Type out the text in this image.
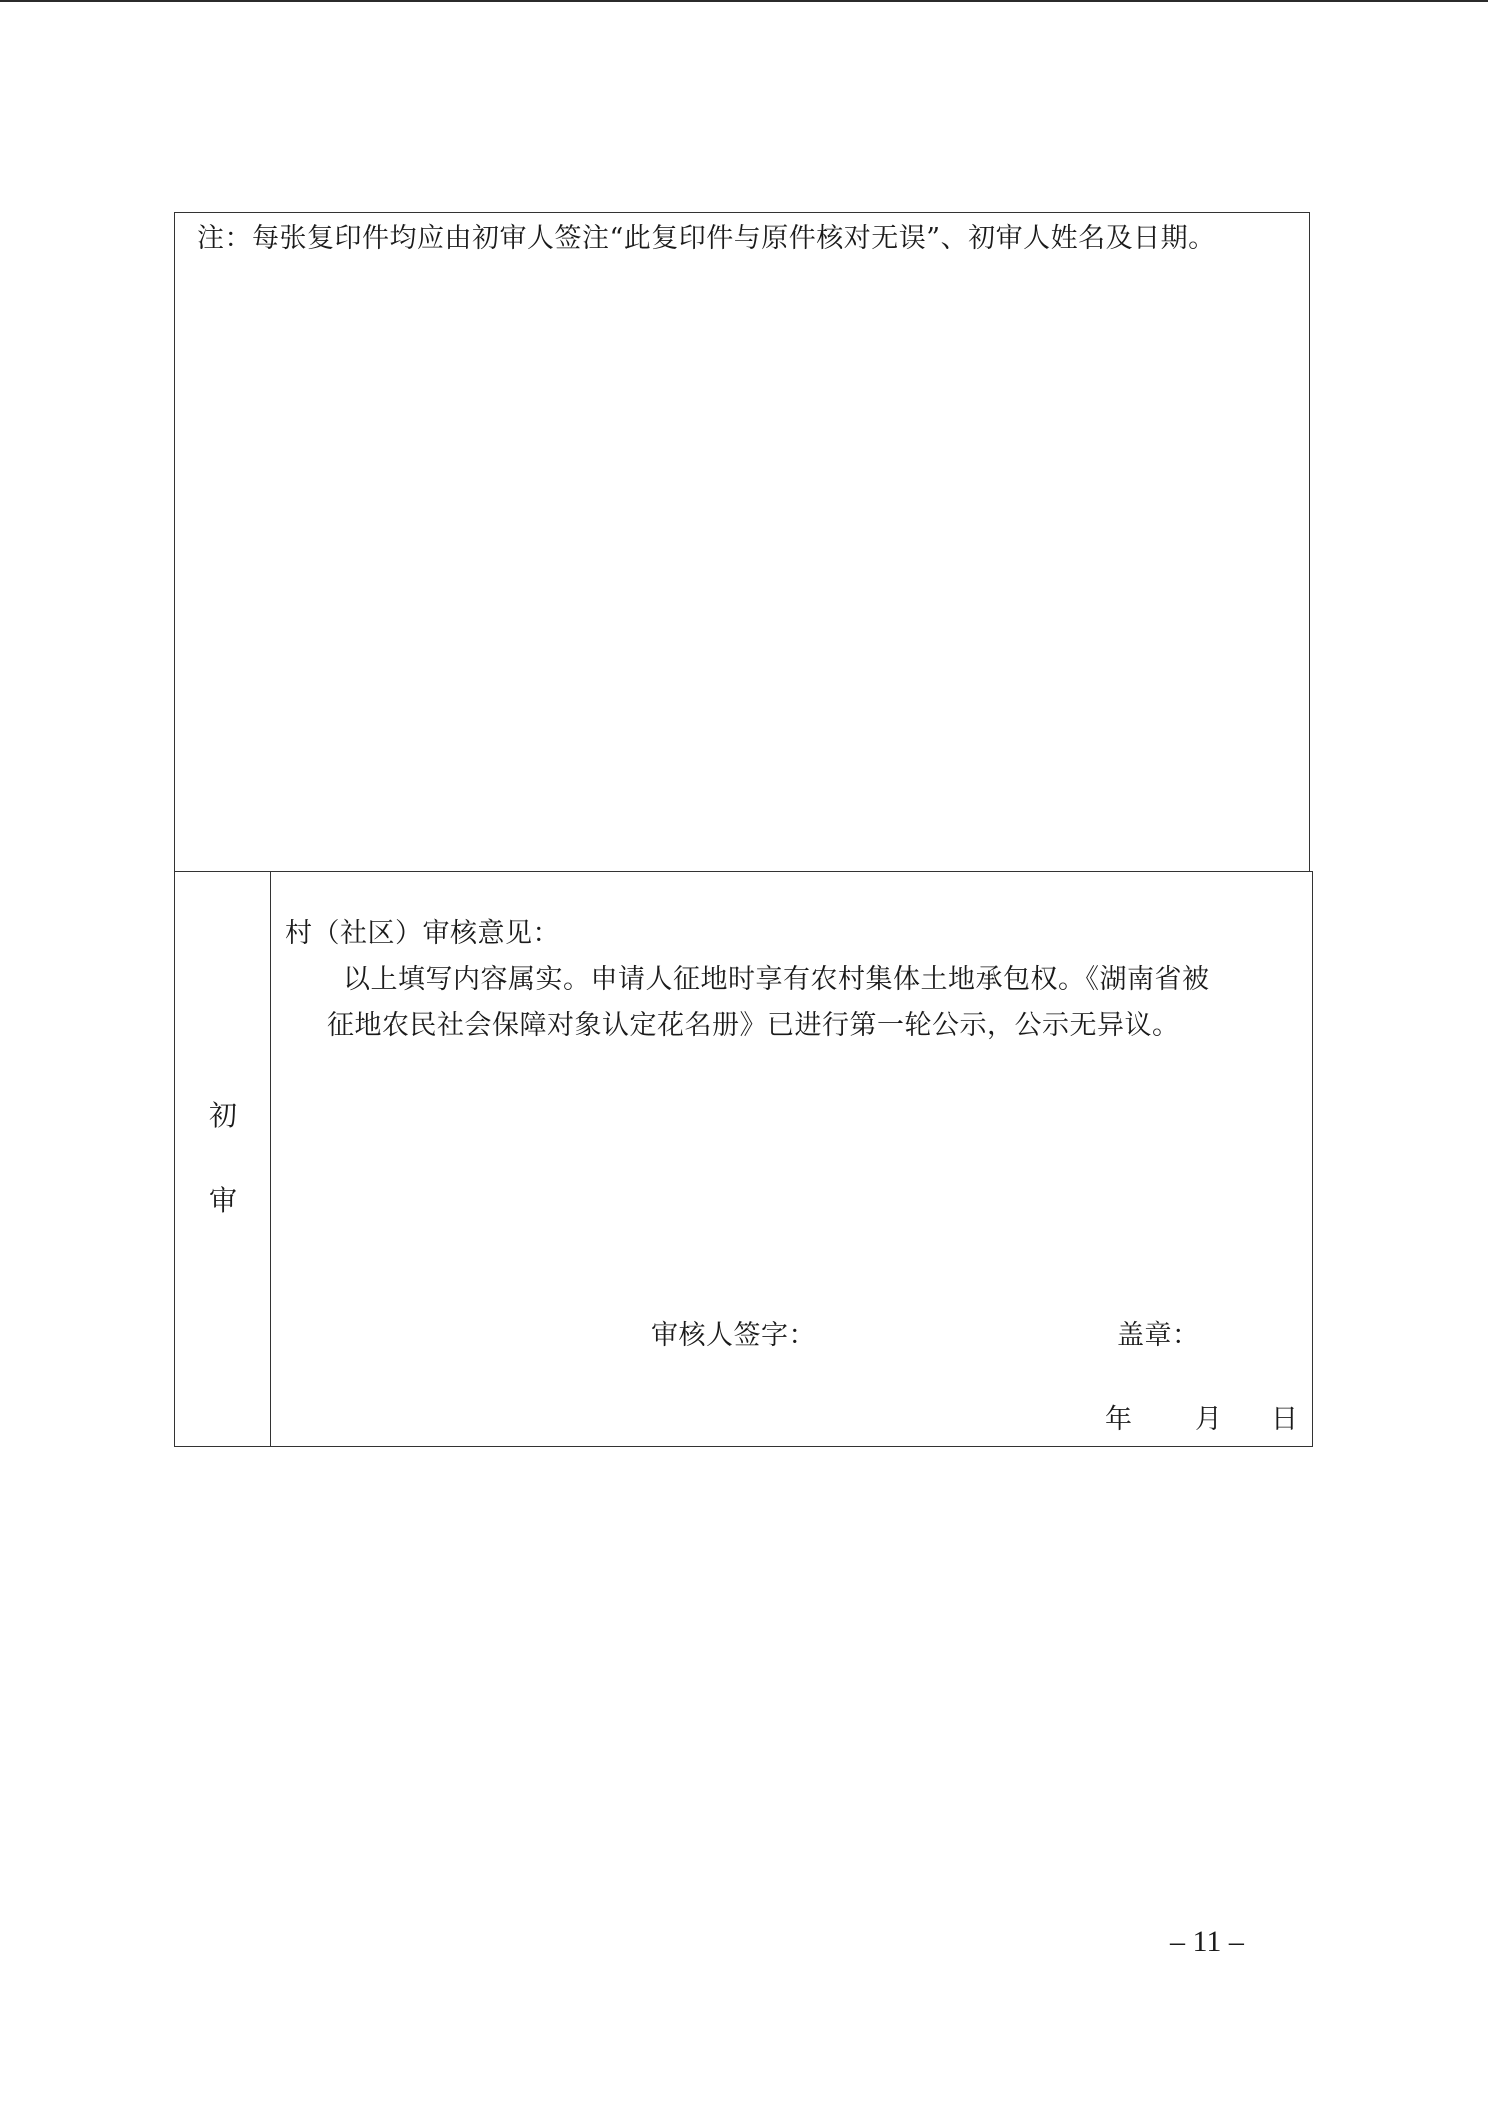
注：每张复印件均应由初审人签注“此复印件与原件核对无误”、初审人姓名及日期。
初
审
村（社区）审核意见：
以上填写内容属实。申请人征地时享有农村集体土地承包权。《湖南省被
征地农民社会保障对象认定花名册》已进行第一轮公示，公示无异议。
审核人签字：	盖章：
年 月 日
– 11 –
